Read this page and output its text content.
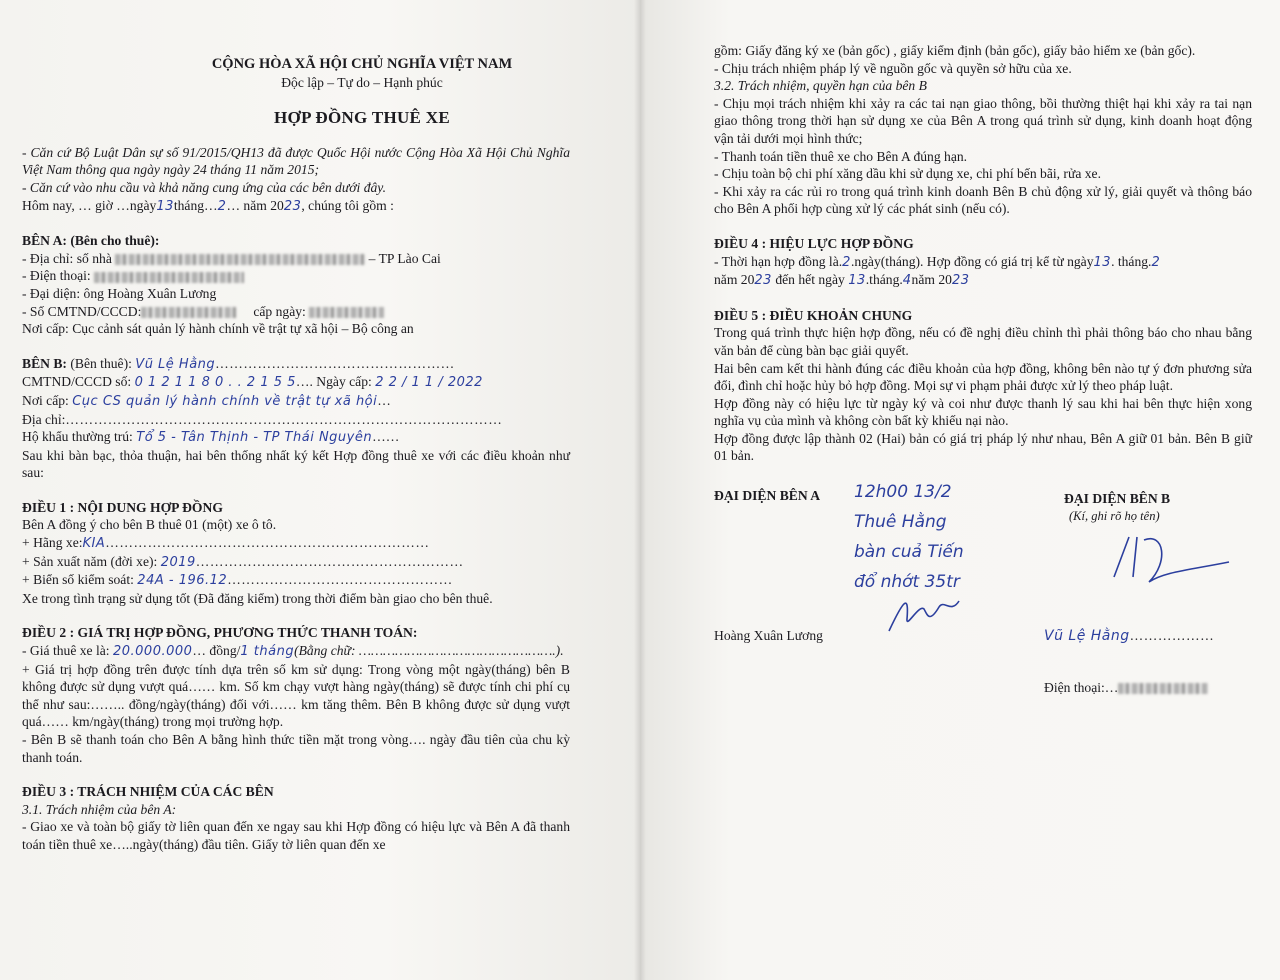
CỘNG HÒA XÃ HỘI CHỦ NGHĨA VIỆT NAM

Độc lập – Tự do – Hạnh phúc

HỢP ĐỒNG THUÊ XE

- Căn cứ Bộ Luật Dân sự số 91/2015/QH13 đã được Quốc Hội nước Cộng Hòa Xã Hội Chủ Nghĩa Việt Nam thông qua ngày ngày 24 tháng 11 năm 2015;

- Căn cứ vào nhu cầu và khả năng cung ứng của các bên dưới đây.

Hôm nay, … giờ …ngày13tháng…2… năm 2023, chúng tôi gồm :

BÊN A: (Bên cho thuê):

- Địa chỉ: số nhà	– TP Lào Cai

- Điện thoại:

- Đại diện: ông Hoàng Xuân Lương

- Số CMTND/CCCD:	cấp ngày:

Nơi cấp: Cục cảnh sát quản lý hành chính về trật tự xã hội – Bộ công an

BÊN B: (Bên thuê): Vũ Lệ Hằng……………………………………………

CMTND/CCCD số: 0 1 2 1 1 8 0 . . 2 1 5 5…. Ngày cấp: 2 2 / 1 1 / 2022

Nơi cấp: Cục CS quản lý hành chính về trật tự xã hội…

Địa chỉ:…………………………………………………………………………………

Hộ khẩu thường trú: Tổ 5 - Tân Thịnh - TP Thái Nguyên……

Sau khi bàn bạc, thỏa thuận, hai bên thống nhất ký kết Hợp đồng thuê xe với các điều khoản như sau:

ĐIỀU 1 : NỘI DUNG HỢP ĐỒNG

Bên A đồng ý cho bên B thuê 01 (một) xe ô tô.

+ Hãng xe:KIA……………………………………………………………

+ Sản xuất năm (đời xe): 2019…………………………………………………

+ Biển số kiểm soát: 24A - 196.12…………………………………………

Xe trong tình trạng sử dụng tốt (Đã đăng kiểm) trong thời điểm bàn giao cho bên thuê.

ĐIỀU 2 : GIÁ TRỊ HỢP ĐỒNG, PHƯƠNG THỨC THANH TOÁN:

- Giá thuê xe là: 20.000.000… đồng/1 tháng(Bằng chữ: ………………………………………….).

+ Giá trị hợp đồng trên được tính dựa trên số km sử dụng: Trong vòng một ngày(tháng) bên B không được sử dụng vượt quá…… km. Số km chạy vượt hàng ngày(tháng) sẽ được tính chi phí cụ thể như sau:…….. đồng/ngày(tháng) đối với…… km tăng thêm. Bên B không được sử dụng vượt quá…… km/ngày(tháng) trong mọi trường hợp.

- Bên B sẽ thanh toán cho Bên A bằng hình thức tiền mặt trong vòng…. ngày đầu tiên của chu kỳ thanh toán.

ĐIỀU 3 : TRÁCH NHIỆM CỦA CÁC BÊN

3.1. Trách nhiệm của bên A:

- Giao xe và toàn bộ giấy tờ liên quan đến xe ngay sau khi Hợp đồng có hiệu lực và Bên A đã thanh toán tiền thuê xe…..ngày(tháng) đầu tiên. Giấy tờ liên quan đến xe

gồm: Giấy đăng ký xe (bản gốc) , giấy kiểm định (bản gốc), giấy bảo hiểm xe (bản gốc).

- Chịu trách nhiệm pháp lý về nguồn gốc và quyền sở hữu của xe.

3.2. Trách nhiệm, quyền hạn của bên B

- Chịu mọi trách nhiệm khi xảy ra các tai nạn giao thông, bồi thường thiệt hại khi xảy ra tai nạn giao thông trong thời hạn sử dụng xe của Bên A trong quá trình sử dụng, kinh doanh hoạt động vận tải dưới mọi hình thức;

- Thanh toán tiền thuê xe cho Bên A đúng hạn.

- Chịu toàn bộ chi phí xăng dầu khi sử dụng xe, chi phí bến bãi, rửa xe.

- Khi xảy ra các rủi ro trong quá trình kinh doanh Bên B chủ động xử lý, giải quyết và thông báo cho Bên A phối hợp cùng xử lý các phát sinh (nếu có).

ĐIỀU 4 : HIỆU LỰC HỢP ĐỒNG

- Thời hạn hợp đồng là.2.ngày(tháng). Hợp đồng có giá trị kể từ ngày13. tháng.2
năm 2023 đến hết ngày 13.tháng.4năm 2023

ĐIỀU 5 : ĐIỀU KHOẢN CHUNG

Trong quá trình thực hiện hợp đồng, nếu có đề nghị điều chỉnh thì phải thông báo cho nhau bằng văn bản để cùng bàn bạc giải quyết.

Hai bên cam kết thi hành đúng các điều khoản của hợp đồng, không bên nào tự ý đơn phương sửa đổi, đình chỉ hoặc hủy bỏ hợp đồng. Mọi sự vi phạm phải được xử lý theo pháp luật.

Hợp đồng này có hiệu lực từ ngày ký và coi như được thanh lý sau khi hai bên thực hiện xong nghĩa vụ của mình và không còn bất kỳ khiếu nại nào.

Hợp đồng được lập thành 02 (Hai) bản có giá trị pháp lý như nhau, Bên A giữ 01 bản. Bên B giữ 01 bản.

ĐẠI DIỆN BÊN A	ĐẠI DIỆN BÊN B

(Kí, ghi rõ họ tên)

12h00 13/2
Thuê Hằng
bàn cuả Tiến
đổ nhớt 35tr

Hoàng Xuân Lương	Vũ Lệ Hằng………………

Điện thoại:…
